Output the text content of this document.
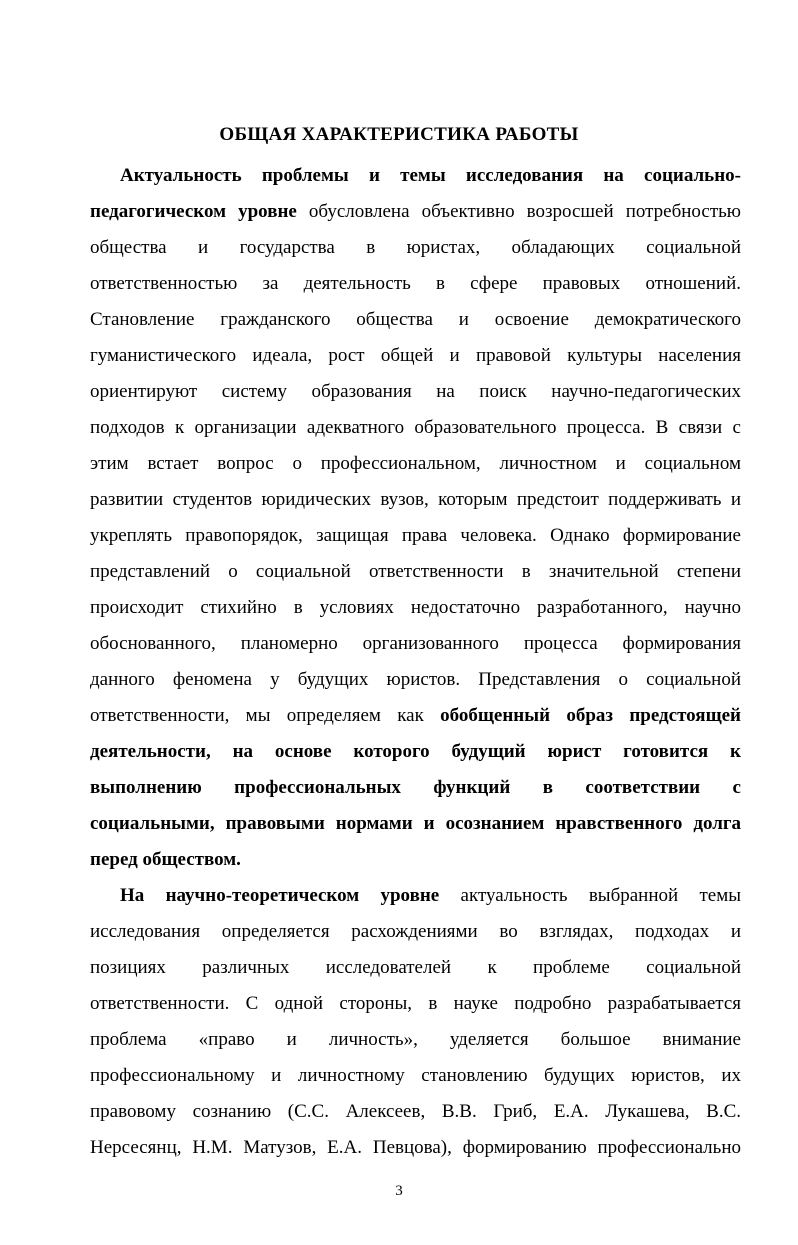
ОБЩАЯ ХАРАКТЕРИСТИКА РАБОТЫ
Актуальность проблемы и темы исследования на социально-
педагогическом уровне обусловлена объективно возросшей потребностью
общества и государства в юристах, обладающих социальной
ответственностью за деятельность в сфере правовых отношений.
Становление гражданского общества и освоение демократического
гуманистического идеала, рост общей и правовой культуры населения
ориентируют систему образования на поиск научно-педагогических
подходов к организации адекватного образовательного процесса. В связи с
этим встает вопрос о профессиональном, личностном и социальном
развитии студентов юридических вузов, которым предстоит поддерживать и
укреплять правопорядок, защищая права человека. Однако формирование
представлений о социальной ответственности в значительной степени
происходит стихийно в условиях недостаточно разработанного, научно
обоснованного, планомерно организованного процесса формирования
данного феномена у будущих юристов. Представления о социальной
ответственности, мы определяем как обобщенный образ предстоящей
деятельности, на основе которого будущий юрист готовится к
выполнению профессиональных функций в соответствии с
социальными, правовыми нормами и осознанием нравственного долга
перед обществом.
На научно-теоретическом уровне актуальность выбранной темы
исследования определяется расхождениями во взглядах, подходах и
позициях различных исследователей к проблеме социальной
ответственности. С одной стороны, в науке подробно разрабатывается
проблема «право и личность», уделяется большое внимание
профессиональному и личностному становлению будущих юристов, их
правовому сознанию (С.С. Алексеев, В.В. Гриб, Е.А. Лукашева, В.С.
Нерсесянц, Н.М. Матузов, Е.А. Певцова), формированию профессионально
3
